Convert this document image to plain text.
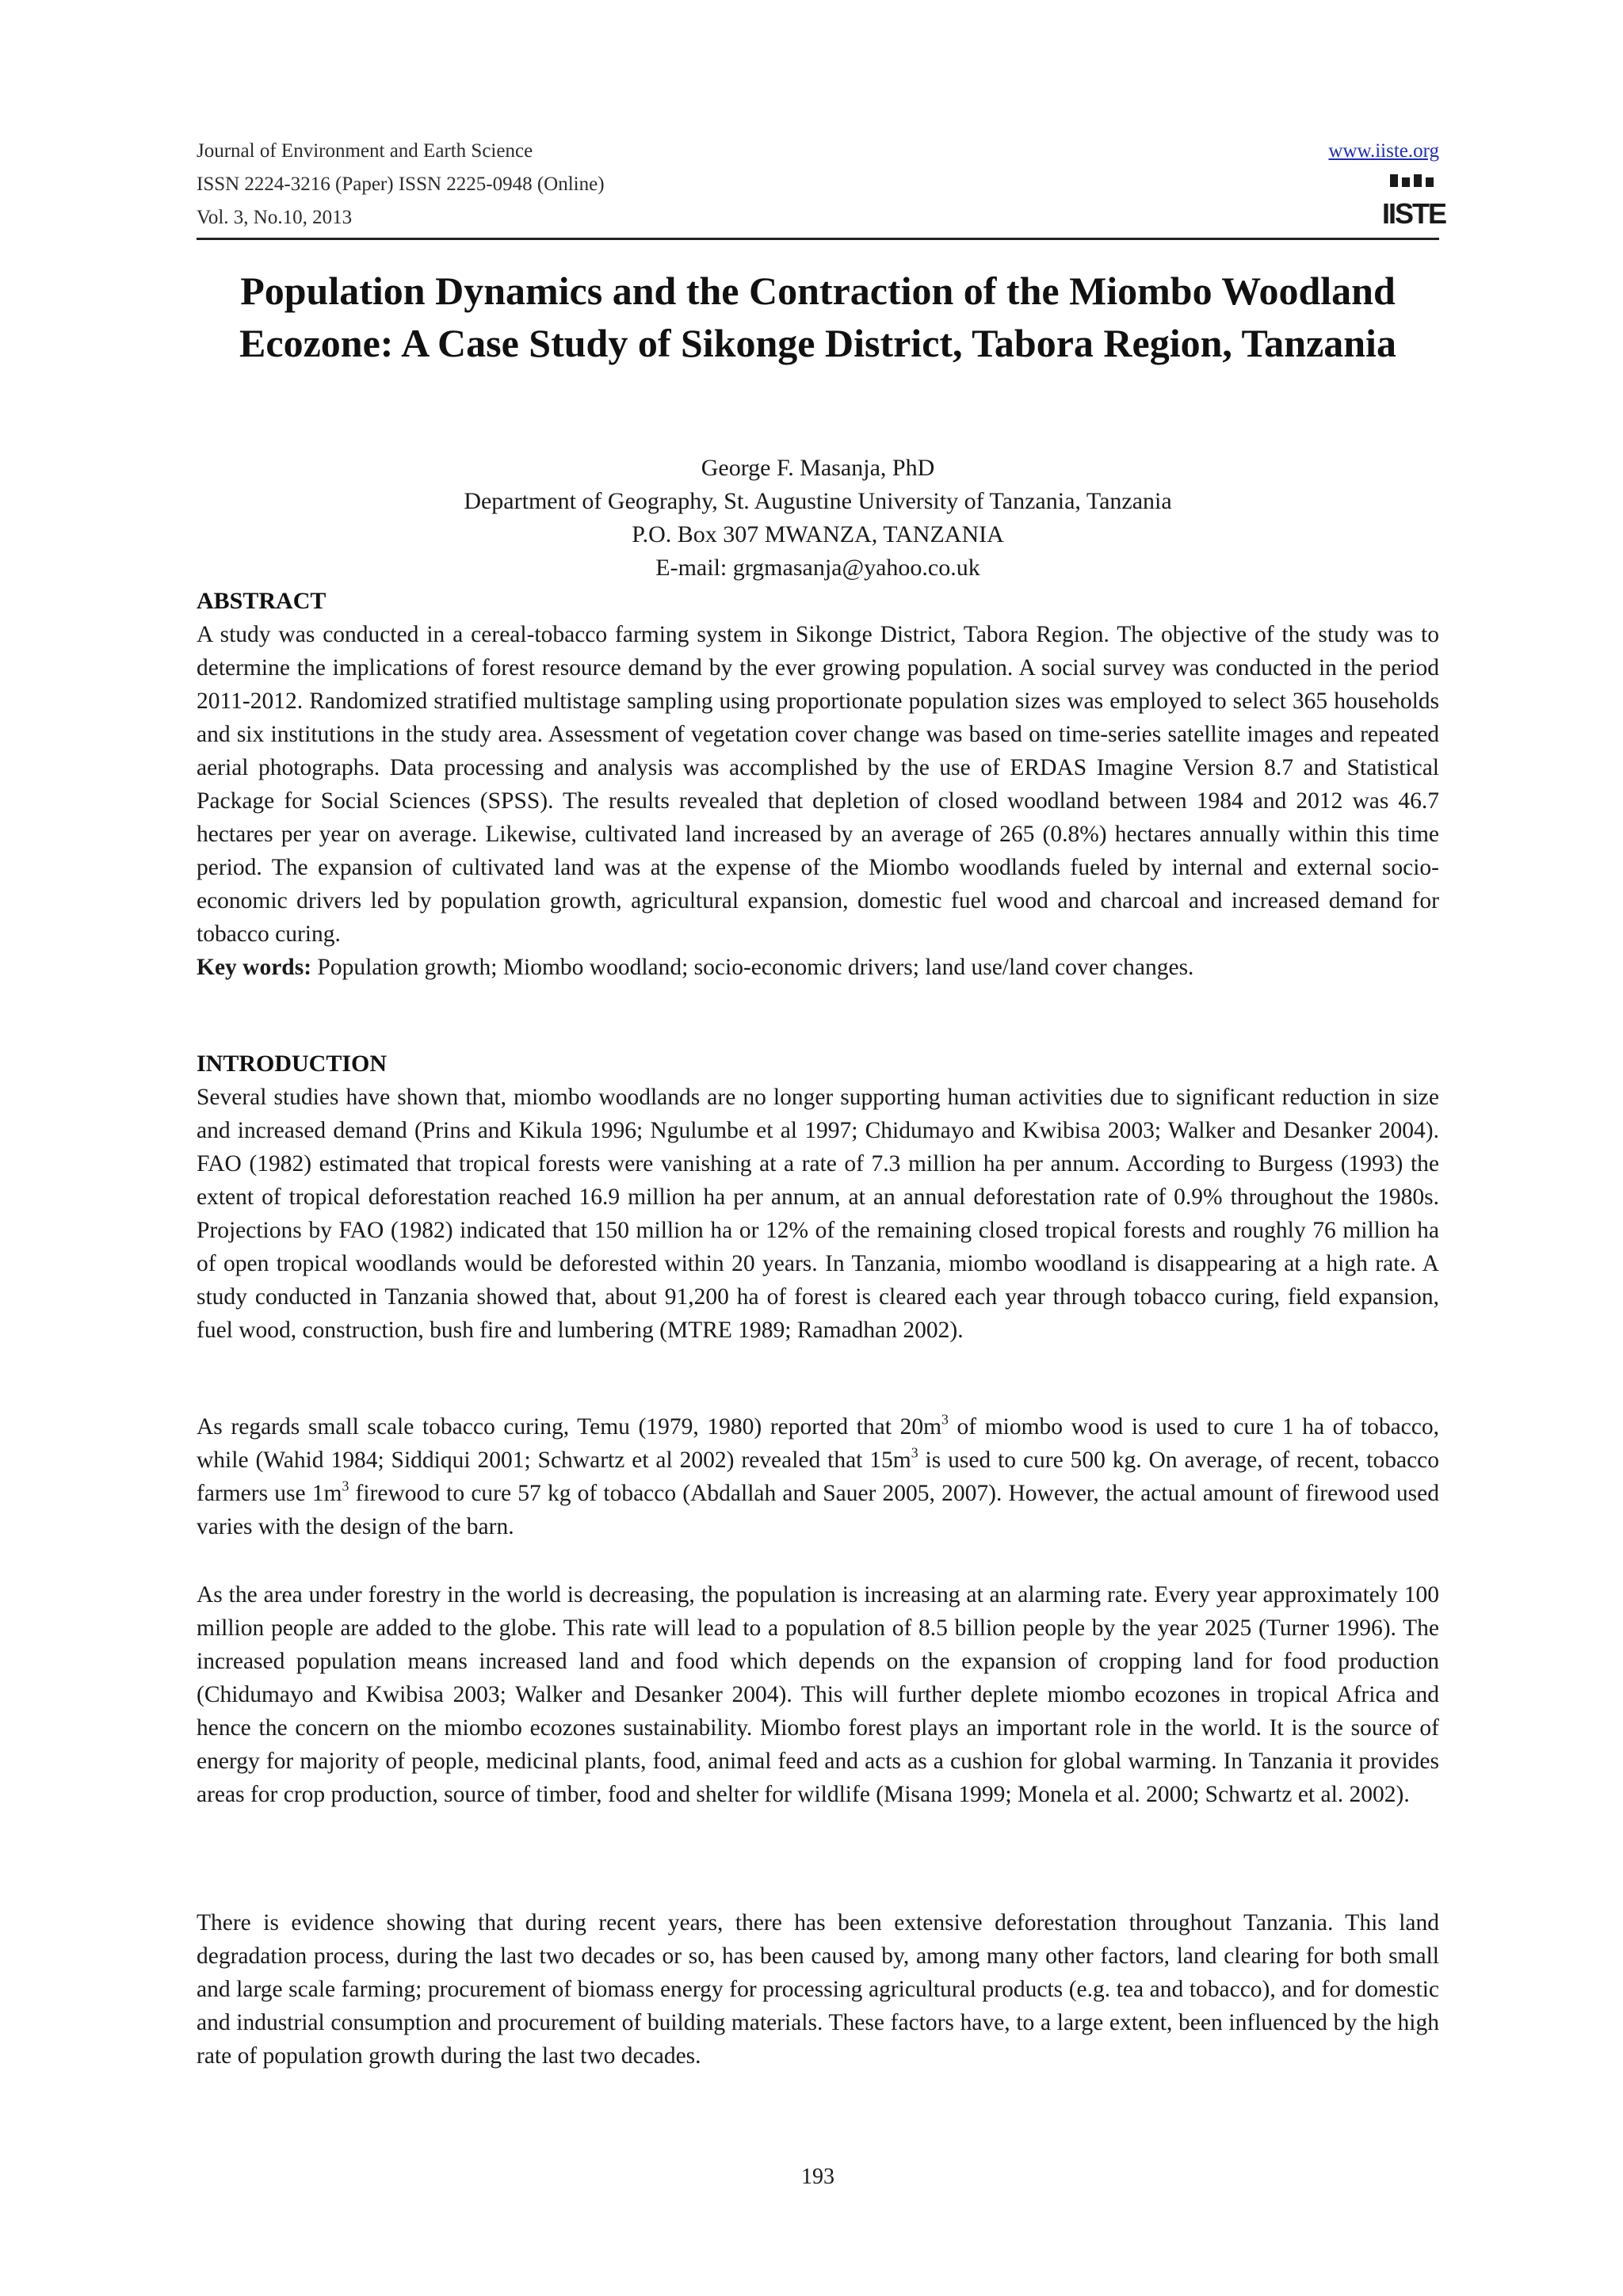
Journal of Environment and Earth Science
ISSN 2224-3216 (Paper) ISSN 2225-0948 (Online)
Vol. 3, No.10, 2013
www.iiste.org
IISTE
Population Dynamics and the Contraction of the Miombo Woodland Ecozone: A Case Study of Sikonge District, Tabora Region, Tanzania
George F. Masanja, PhD
Department of Geography, St. Augustine University of Tanzania, Tanzania
P.O. Box 307 MWANZA, TANZANIA
E-mail: grgmasanja@yahoo.co.uk
ABSTRACT
A study was conducted in a cereal-tobacco farming system in Sikonge District, Tabora Region. The objective of the study was to determine the implications of forest resource demand by the ever growing population. A social survey was conducted in the period 2011-2012. Randomized stratified multistage sampling using proportionate population sizes was employed to select 365 households and six institutions in the study area. Assessment of vegetation cover change was based on time-series satellite images and repeated aerial photographs. Data processing and analysis was accomplished by the use of ERDAS Imagine Version 8.7 and Statistical Package for Social Sciences (SPSS). The results revealed that depletion of closed woodland between 1984 and 2012 was 46.7 hectares per year on average. Likewise, cultivated land increased by an average of 265 (0.8%) hectares annually within this time period. The expansion of cultivated land was at the expense of the Miombo woodlands fueled by internal and external socio-economic drivers led by population growth, agricultural expansion, domestic fuel wood and charcoal and increased demand for tobacco curing.
Key words: Population growth; Miombo woodland; socio-economic drivers; land use/land cover changes.
INTRODUCTION
Several studies have shown that, miombo woodlands are no longer supporting human activities due to significant reduction in size and increased demand (Prins and Kikula 1996; Ngulumbe et al 1997; Chidumayo and Kwibisa 2003; Walker and Desanker 2004). FAO (1982) estimated that tropical forests were vanishing at a rate of 7.3 million ha per annum. According to Burgess (1993) the extent of tropical deforestation reached 16.9 million ha per annum, at an annual deforestation rate of 0.9% throughout the 1980s. Projections by FAO (1982) indicated that 150 million ha or 12% of the remaining closed tropical forests and roughly 76 million ha of open tropical woodlands would be deforested within 20 years. In Tanzania, miombo woodland is disappearing at a high rate. A study conducted in Tanzania showed that, about 91,200 ha of forest is cleared each year through tobacco curing, field expansion, fuel wood, construction, bush fire and lumbering (MTRE 1989; Ramadhan 2002).
As regards small scale tobacco curing, Temu (1979, 1980) reported that $20m^3$ of miombo wood is used to cure 1 ha of tobacco, while (Wahid 1984; Siddiqui 2001; Schwartz et al 2002) revealed that $15m^3$ is used to cure 500 kg. On average, of recent, tobacco farmers use $1m^3$ firewood to cure 57 kg of tobacco (Abdallah and Sauer 2005, 2007). However, the actual amount of firewood used varies with the design of the barn.
As the area under forestry in the world is decreasing, the population is increasing at an alarming rate. Every year approximately 100 million people are added to the globe. This rate will lead to a population of 8.5 billion people by the year 2025 (Turner 1996). The increased population means increased land and food which depends on the expansion of cropping land for food production (Chidumayo and Kwibisa 2003; Walker and Desanker 2004). This will further deplete miombo ecozones in tropical Africa and hence the concern on the miombo ecozones sustainability. Miombo forest plays an important role in the world. It is the source of energy for majority of people, medicinal plants, food, animal feed and acts as a cushion for global warming. In Tanzania it provides areas for crop production, source of timber, food and shelter for wildlife (Misana 1999; Monela et al. 2000; Schwartz et al. 2002).
There is evidence showing that during recent years, there has been extensive deforestation throughout Tanzania. This land degradation process, during the last two decades or so, has been caused by, among many other factors, land clearing for both small and large scale farming; procurement of biomass energy for processing agricultural products (e.g. tea and tobacco), and for domestic and industrial consumption and procurement of building materials. These factors have, to a large extent, been influenced by the high rate of population growth during the last two decades.
193
